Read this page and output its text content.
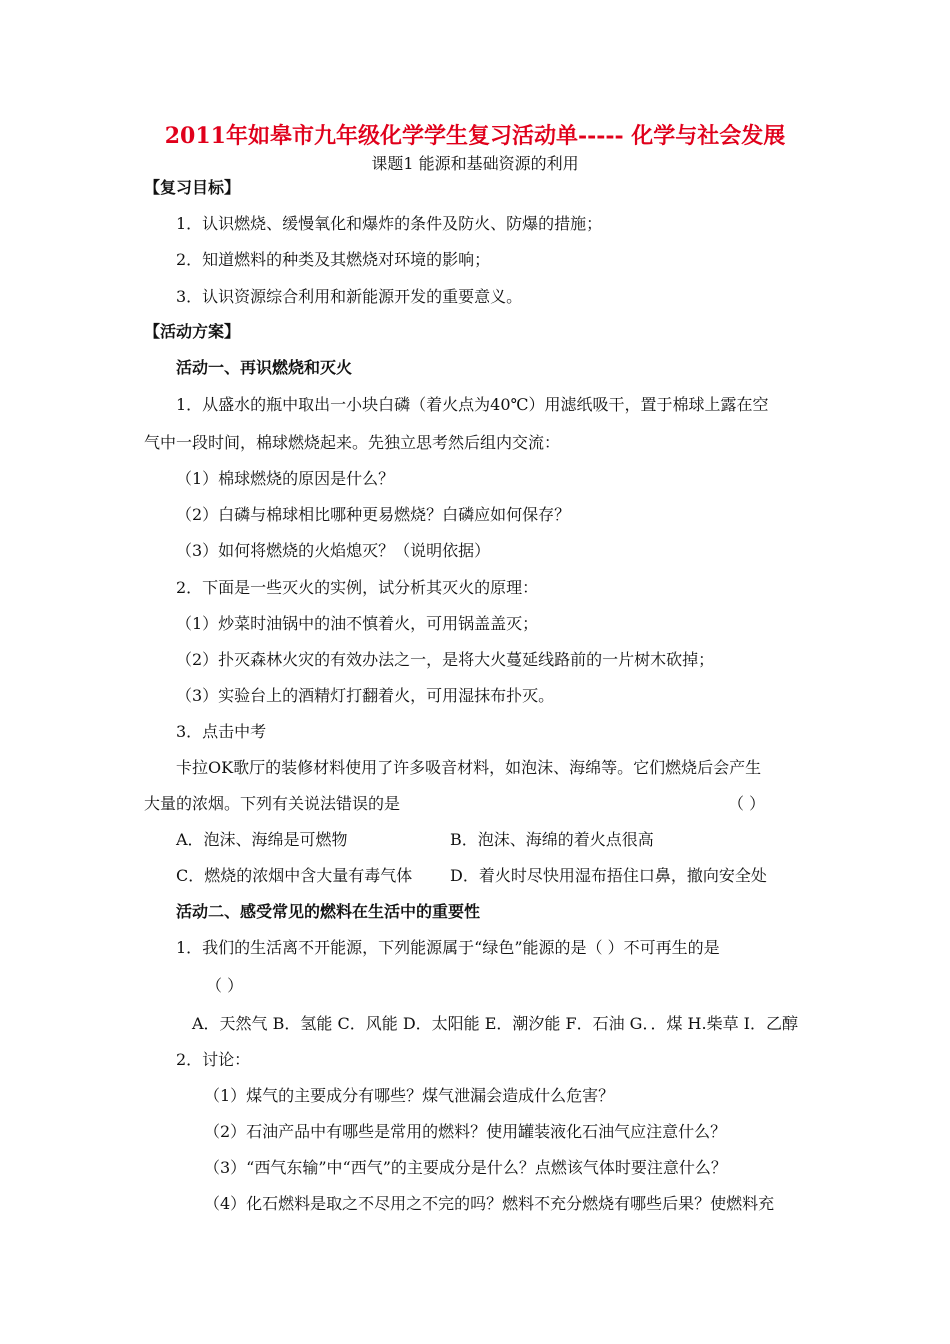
2011年如皋市九年级化学学生复习活动单----- 化学与社会发展
课题1 能源和基础资源的利用
【复习目标】
1．认识燃烧、缓慢氧化和爆炸的条件及防火、防爆的措施；
2．知道燃料的种类及其燃烧对环境的影响；
3．认识资源综合利用和新能源开发的重要意义。
【活动方案】
活动一、再识燃烧和灭火
1．从盛水的瓶中取出一小块白磷（着火点为40℃）用滤纸吸干，置于棉球上露在空
气中一段时间，棉球燃烧起来。先独立思考然后组内交流：
（1）棉球燃烧的原因是什么？
（2）白磷与棉球相比哪种更易燃烧？白磷应如何保存？
（3）如何将燃烧的火焰熄灭？（说明依据）
2．下面是一些灭火的实例，试分析其灭火的原理：
（1）炒菜时油锅中的油不慎着火，可用锅盖盖灭；
（2）扑灭森林火灾的有效办法之一，是将大火蔓延线路前的一片树木砍掉；
（3）实验台上的酒精灯打翻着火，可用湿抹布扑灭。
3．点击中考
卡拉OK歌厅的装修材料使用了许多吸音材料，如泡沫、海绵等。它们燃烧后会产生
大量的浓烟。下列有关说法错误的是	（ ）
A．泡沫、海绵是可燃物	B．泡沫、海绵的着火点很高
C．燃烧的浓烟中含大量有毒气体 D．着火时尽快用湿布捂住口鼻，撤向安全处
活动二、感受常见的燃料在生活中的重要性
1．我们的生活离不开能源，下列能源属于“绿色”能源的是（ ）不可再生的是
（ ）
A．天然气 B．氢能 C．风能 D．太阳能 E．潮汐能 F．石油 G．．煤 H.柴草 I．乙醇
2．讨论：
（1）煤气的主要成分有哪些？煤气泄漏会造成什么危害？
（2）石油产品中有哪些是常用的燃料？使用罐装液化石油气应注意什么？
（3）“西气东输”中“西气”的主要成分是什么？点燃该气体时要注意什么？
（4）化石燃料是取之不尽用之不完的吗？燃料不充分燃烧有哪些后果？使燃料充
